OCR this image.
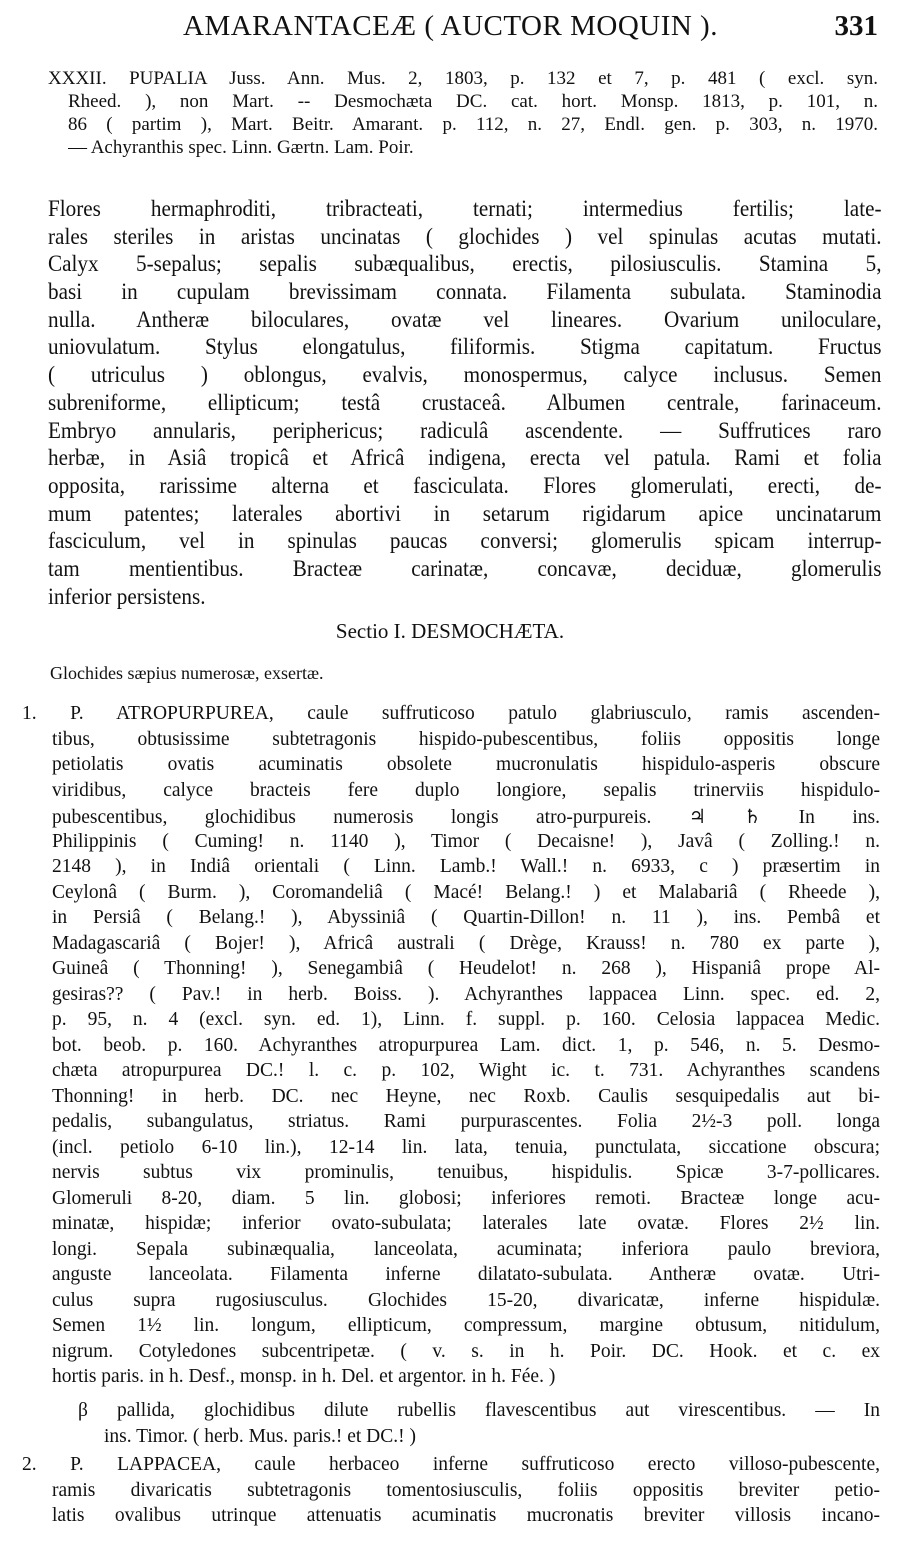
AMARANTACEÆ ( AUCTOR MOQUIN ).	331
XXXII. PUPALIA Juss. Ann. Mus. 2, 1803, p. 132 et 7, p. 481 ( excl. syn.
Rheed. ), non Mart. -- Desmochæta DC. cat. hort. Monsp. 1813, p. 101, n.
86 ( partim ), Mart. Beitr. Amarant. p. 112, n. 27, Endl. gen. p. 303, n. 1970.
— Achyranthis spec. Linn. Gærtn. Lam. Poir.
Flores hermaphroditi, tribracteati, ternati; intermedius fertilis; late-
rales steriles in aristas uncinatas ( glochides ) vel spinulas acutas mutati.
Calyx 5-sepalus; sepalis subæqualibus, erectis, pilosiusculis. Stamina 5,
basi in cupulam brevissimam connata. Filamenta subulata. Staminodia
nulla. Antheræ biloculares, ovatæ vel lineares. Ovarium uniloculare,
uniovulatum. Stylus elongatulus, filiformis. Stigma capitatum. Fructus
( utriculus ) oblongus, evalvis, monospermus, calyce inclusus. Semen
subreniforme, ellipticum; testâ crustaceâ. Albumen centrale, farinaceum.
Embryo annularis, periphericus; radiculâ ascendente. — Suffrutices raro
herbæ, in Asiâ tropicâ et Africâ indigena, erecta vel patula. Rami et folia
opposita, rarissime alterna et fasciculata. Flores glomerulati, erecti, de-
mum patentes; laterales abortivi in setarum rigidarum apice uncinatarum
fasciculum, vel in spinulas paucas conversi; glomerulis spicam interrup-
tam mentientibus. Bracteæ carinatæ, concavæ, deciduæ, glomerulis
inferior persistens.
Sectio I. DESMOCHÆTA.
Glochides sæpius numerosæ, exsertæ.
1. P. ATROPURPUREA, caule suffruticoso patulo glabriusculo, ramis ascenden-
tibus, obtusissime subtetragonis hispido-pubescentibus, foliis oppositis longe
petiolatis ovatis acuminatis obsolete mucronulatis hispidulo-asperis obscure
viridibus, calyce bracteis fere duplo longiore, sepalis trinerviis hispidulo-
pubescentibus, glochidibus numerosis longis atro-purpureis. ♃ ♄ In ins.
Philippinis ( Cuming! n. 1140 ), Timor ( Decaisne! ), Javâ ( Zolling.! n.
2148 ), in Indiâ orientali ( Linn. Lamb.! Wall.! n. 6933, c ) præsertim in
Ceylonâ ( Burm. ), Coromandeliâ ( Macé! Belang.! ) et Malabariâ ( Rheede ),
in Persiâ ( Belang.! ), Abyssiniâ ( Quartin-Dillon! n. 11 ), ins. Pembâ et
Madagascariâ ( Bojer! ), Africâ australi ( Drège, Krauss! n. 780 ex parte ),
Guineâ ( Thonning! ), Senegambiâ ( Heudelot! n. 268 ), Hispaniâ prope Al-
gesiras?? ( Pav.! in herb. Boiss. ). Achyranthes lappacea Linn. spec. ed. 2,
p. 95, n. 4 (excl. syn. ed. 1), Linn. f. suppl. p. 160. Celosia lappacea Medic.
bot. beob. p. 160. Achyranthes atropurpurea Lam. dict. 1, p. 546, n. 5. Desmo-
chæta atropurpurea DC.! l. c. p. 102, Wight ic. t. 731. Achyranthes scandens
Thonning! in herb. DC. nec Heyne, nec Roxb. Caulis sesquipedalis aut bi-
pedalis, subangulatus, striatus. Rami purpurascentes. Folia 2½-3 poll. longa
(incl. petiolo 6-10 lin.), 12-14 lin. lata, tenuia, punctulata, siccatione obscura;
nervis subtus vix prominulis, tenuibus, hispidulis. Spicæ 3-7-pollicares.
Glomeruli 8-20, diam. 5 lin. globosi; inferiores remoti. Bracteæ longe acu-
minatæ, hispidæ; inferior ovato-subulata; laterales late ovatæ. Flores 2½ lin.
longi. Sepala subinæqualia, lanceolata, acuminata; inferiora paulo breviora,
anguste lanceolata. Filamenta inferne dilatato-subulata. Antheræ ovatæ. Utri-
culus supra rugosiusculus. Glochides 15-20, divaricatæ, inferne hispidulæ.
Semen 1½ lin. longum, ellipticum, compressum, margine obtusum, nitidulum,
nigrum. Cotyledones subcentripetæ. ( v. s. in h. Poir. DC. Hook. et c. ex
hortis paris. in h. Desf., monsp. in h. Del. et argentor. in h. Fée. )
β pallida, glochidibus dilute rubellis flavescentibus aut virescentibus. — In
ins. Timor. ( herb. Mus. paris.! et DC.! )
2. P. LAPPACEA, caule herbaceo inferne suffruticoso erecto villoso-pubescente,
ramis divaricatis subtetragonis tomentosiusculis, foliis oppositis breviter petio-
latis ovalibus utrinque attenuatis acuminatis mucronatis breviter villosis incano-
